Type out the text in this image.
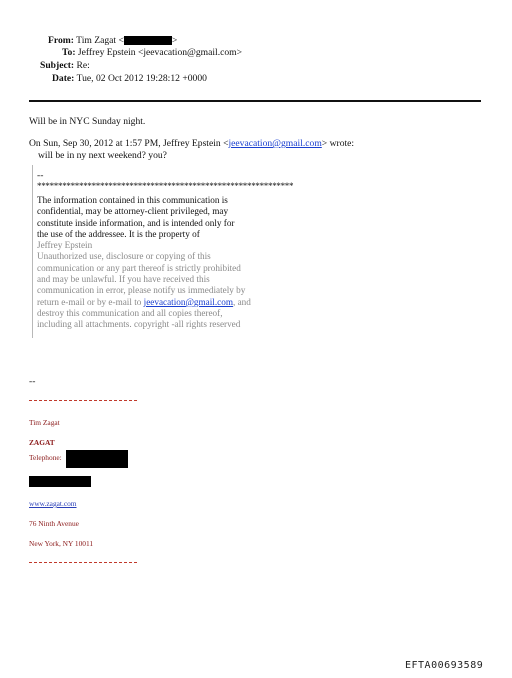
From: Tim Zagat <	>
To: Jeffrey Epstein <jeevacation@gmail.com>
Subject: Re:
Date: Tue, 02 Oct 2012 19:28:12 +0000
Will be in NYC Sunday night.
On Sun, Sep 30, 2012 at 1:57 PM, Jeffrey Epstein <jeevacation@gmail.com> wrote:
will be in ny next weekend? you?
--
*************************************************************
The information contained in this communication is
confidential, may be attorney-client privileged, may
constitute inside information, and is intended only for
the use of the addressee. It is the property of
Jeffrey Epstein
Unauthorized use, disclosure or copying of this
communication or any part thereof is strictly prohibited
and may be unlawful. If you have received this
communication in error, please notify us immediately by
return e-mail or by e-mail to jeevacation@gmail.com, and
destroy this communication and all copies thereof,
including all attachments. copyright -all rights reserved
--
Tim Zagat
ZAGAT
Telephone:
www.zagat.com
76 Ninth Avenue
New York, NY 10011
EFTA00693589
